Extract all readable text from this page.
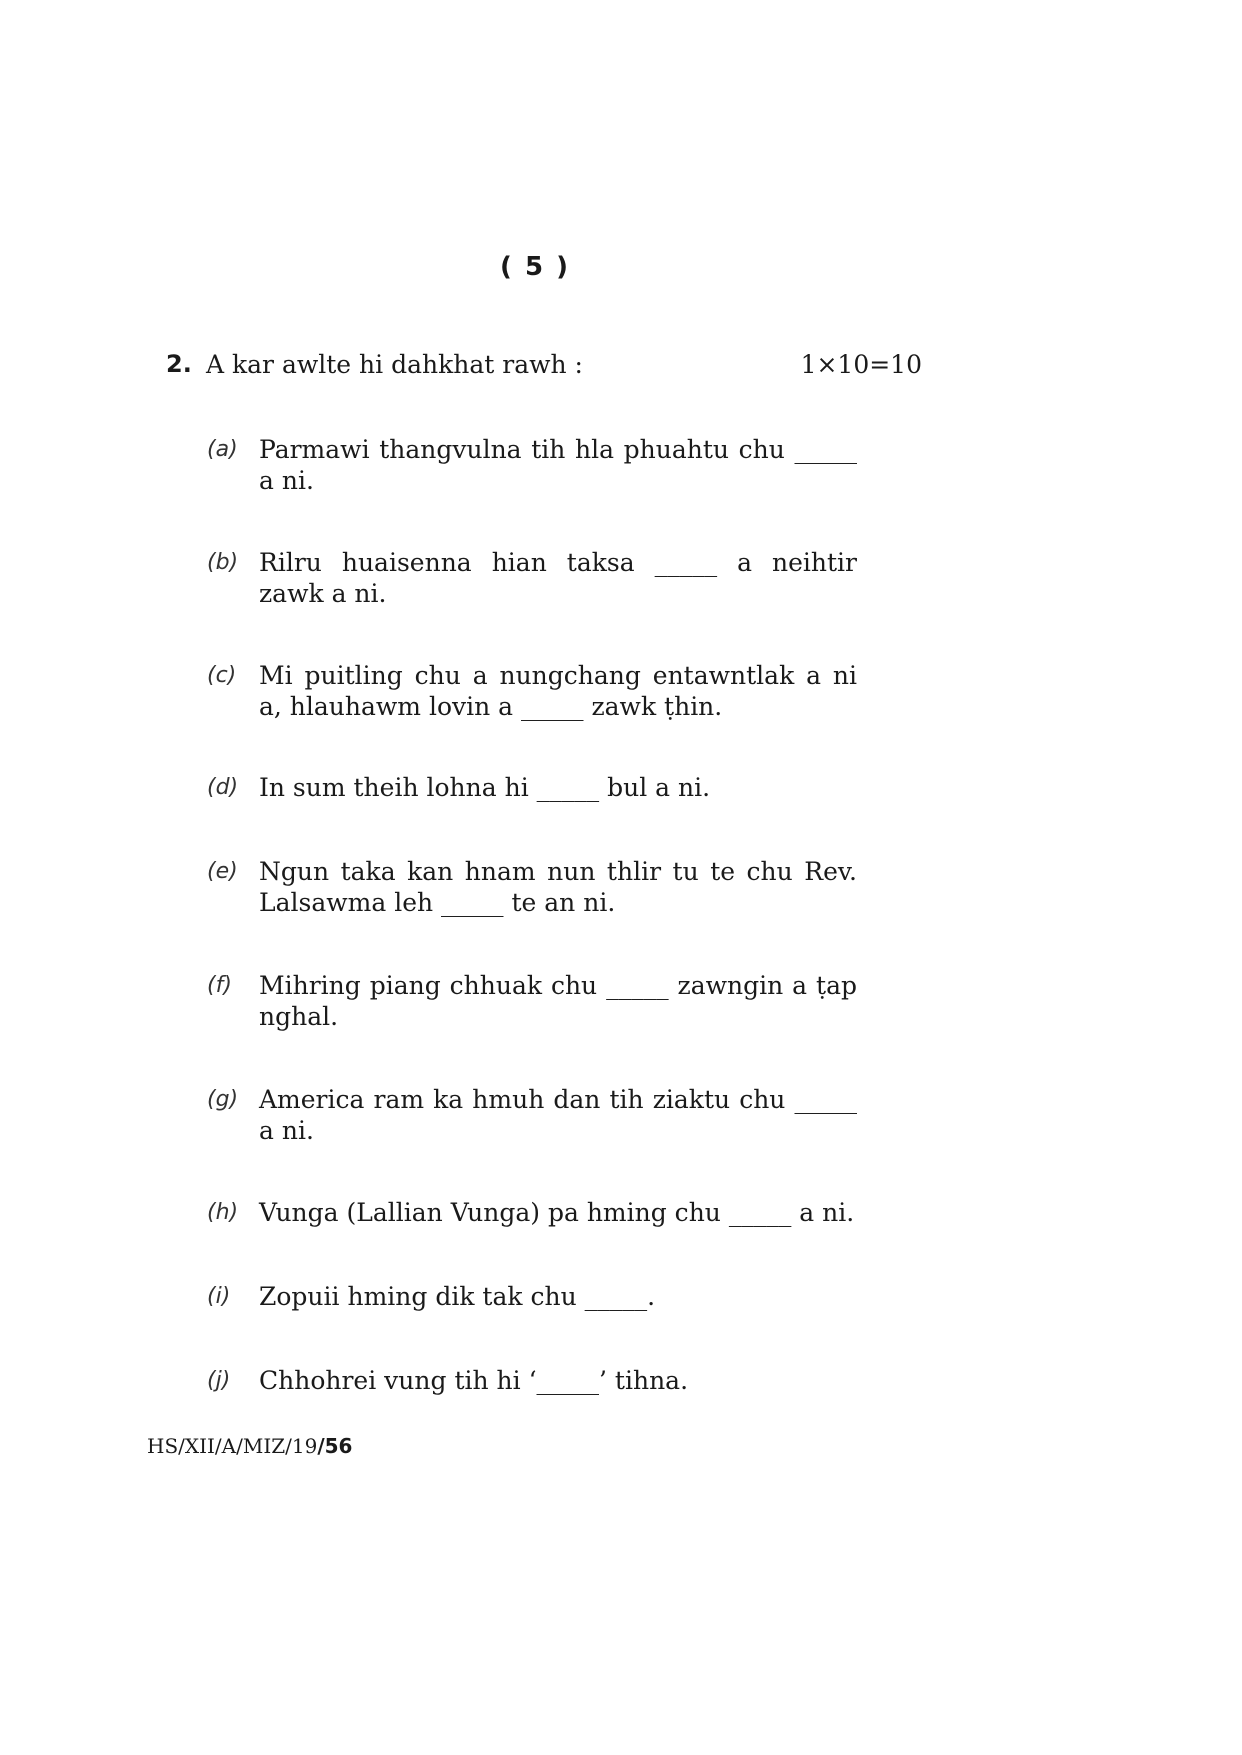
( 5 )
2. A kar awlte hi dahkhat rawh :	1×10=10
(a) Parmawi thangvulna tih hla phuahtu chu _____ a ni.
(b) Rilru huaisenna hian taksa _____ a neihtir zawk a ni.
(c) Mi puitling chu a nungchang entawntlak a ni a, hlauhawm lovin a _____ zawk ṭhin.
(d) In sum theih lohna hi _____ bul a ni.
(e) Ngun taka kan hnam nun thlir tu te chu Rev. Lalsawma leh _____ te an ni.
(f) Mihring piang chhuak chu _____ zawngin a ṭap nghal.
(g) America ram ka hmuh dan tih ziaktu chu _____ a ni.
(h) Vunga (Lallian Vunga) pa hming chu _____ a ni.
(i) Zopuii hming dik tak chu _____.
(j) Chhohrei vung tih hi ‘_____’ tihna.
HS/XII/A/MIZ/19/56
